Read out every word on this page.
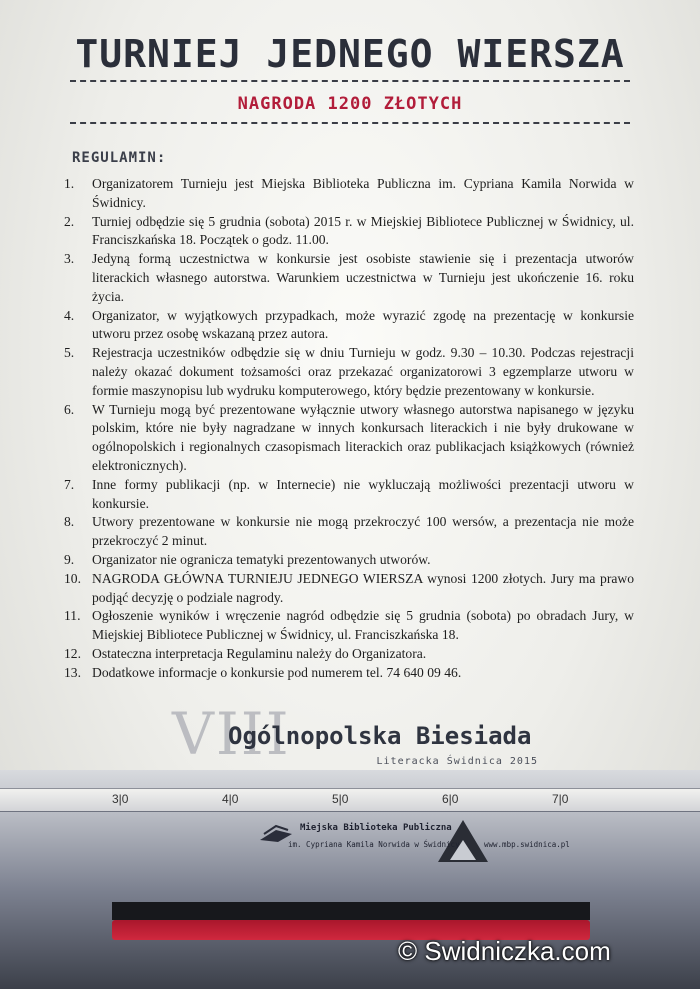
TURNIEJ JEDNEGO WIERSZA
NAGRODA 1200 ZŁOTYCH
REGULAMIN:
1. Organizatorem Turnieju jest Miejska Biblioteka Publiczna im. Cypriana Kamila Norwida w Świdnicy.
2. Turniej odbędzie się 5 grudnia (sobota) 2015 r. w Miejskiej Bibliotece Publicznej w Świdnicy, ul. Franciszkańska 18. Początek o godz. 11.00.
3. Jedyną formą uczestnictwa w konkursie jest osobiste stawienie się i prezentacja utworów literackich własnego autorstwa. Warunkiem uczestnictwa w Turnieju jest ukończenie 16. roku życia.
4. Organizator, w wyjątkowych przypadkach, może wyrazić zgodę na prezentację w konkursie utworu przez osobę wskazaną przez autora.
5. Rejestracja uczestników odbędzie się w dniu Turnieju w godz. 9.30 – 10.30. Podczas rejestracji należy okazać dokument tożsamości oraz przekazać organizatorowi 3 egzemplarze utworu w formie maszynopisu lub wydruku komputerowego, który będzie prezentowany w konkursie.
6. W Turnieju mogą być prezentowane wyłącznie utwory własnego autorstwa napisanego w języku polskim, które nie były nagradzane w innych konkursach literackich i nie były drukowane w ogólnopolskich i regionalnych czasopismach literackich oraz publikacjach książkowych (również elektronicznych).
7. Inne formy publikacji (np. w Internecie) nie wykluczają możliwości prezentacji utworu w konkursie.
8. Utwory prezentowane w konkursie nie mogą przekroczyć 100 wersów, a prezentacja nie może przekroczyć 2 minut.
9. Organizator nie ogranicza tematyki prezentowanych utworów.
10. NAGRODA GŁÓWNA TURNIEJU JEDNEGO WIERSZA wynosi 1200 złotych. Jury ma prawo podjąć decyzję o podziale nagrody.
11. Ogłoszenie wyników i wręczenie nagród odbędzie się 5 grudnia (sobota) po obradach Jury, w Miejskiej Bibliotece Publicznej w Świdnicy, ul. Franciszkańska 18.
12. Ostateczna interpretacja Regulaminu należy do Organizatora.
13. Dodatkowe informacje o konkursie pod numerem tel. 74 640 09 46.
VIII
Ogólnopolska Biesiada
Literacka Świdnica 2015
3|0	4|0	5|0	6|0	7|0
Miejska Biblioteka Publiczna
im. Cypriana Kamila Norwida w Świdnicy	www.mbp.swidnica.pl
© Swidniczka.com
